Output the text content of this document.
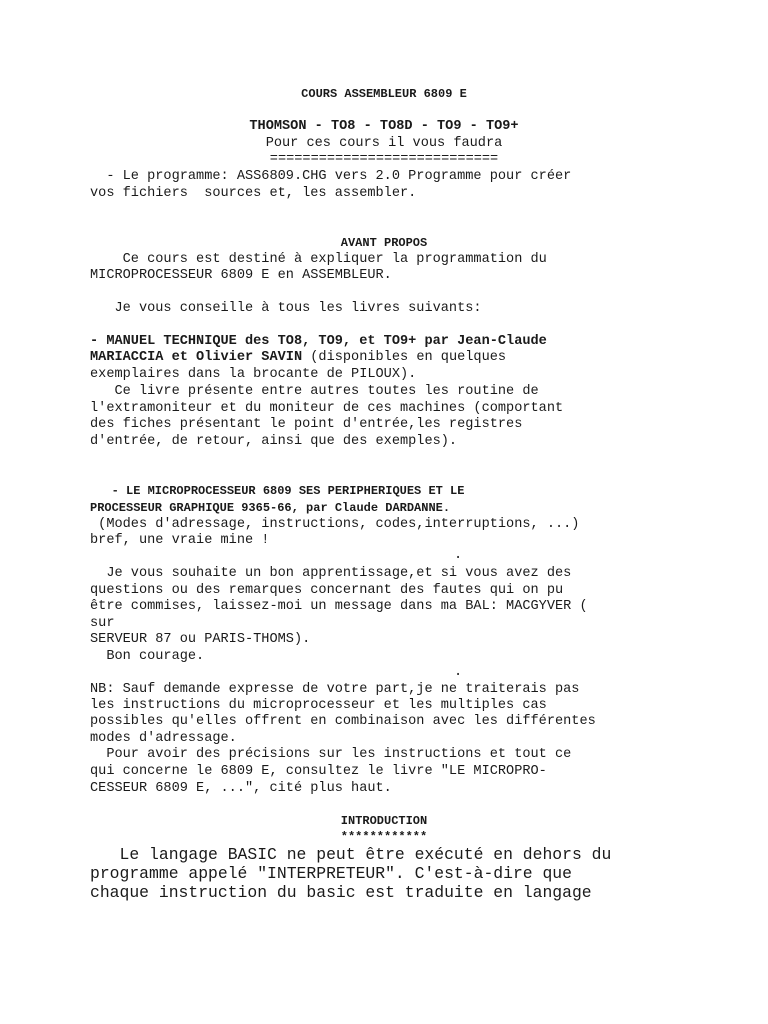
COURS ASSEMBLEUR 6809 E
THOMSON - TO8 - TO8D - TO9 - TO9+
Pour ces cours il vous faudra
============================
- Le programme: ASS6809.CHG vers 2.0 Programme pour créer
vos fichiers  sources et, les assembler.
AVANT PROPOS
Ce cours est destiné à expliquer la programmation du
MICROPROCESSEUR 6809 E en ASSEMBLEUR.
Je vous conseille à tous les livres suivants:
- MANUEL TECHNIQUE des TO8, TO9, et TO9+ par Jean-Claude
MARIACCIA et Olivier SAVIN (disponibles en quelques
exemplaires dans la brocante de PILOUX).
Ce livre présente entre autres toutes les routine de
l'extramoniteur et du moniteur de ces machines (comportant
des fiches présentant le point d'entrée,les registres
d'entrée, de retour, ainsi que des exemples).
- LE MICROPROCESSEUR 6809 SES PERIPHERIQUES ET LE
PROCESSEUR GRAPHIQUE 9365-66, par Claude DARDANNE.
(Modes d'adressage, instructions, codes,interruptions, ...)
bref, une vraie mine !
.
Je vous souhaite un bon apprentissage,et si vous avez des
questions ou des remarques concernant des fautes qui on pu
être commises, laissez-moi un message dans ma BAL: MACGYVER (
sur
SERVEUR 87 ou PARIS-THOMS).
Bon courage.
.
NB: Sauf demande expresse de votre part,je ne traiterais pas
les instructions du microprocesseur et les multiples cas
possibles qu'elles offrent en combinaison avec les différentes
modes d'adressage.
Pour avoir des précisions sur les instructions et tout ce
qui concerne le 6809 E, consultez le livre "LE MICROPRO-
CESSEUR 6809 E, ...", cité plus haut.
INTRODUCTION
************
Le langage BASIC ne peut être exécuté en dehors du
programme appelé "INTERPRETEUR". C'est-à-dire que
chaque instruction du basic est traduite en langage
